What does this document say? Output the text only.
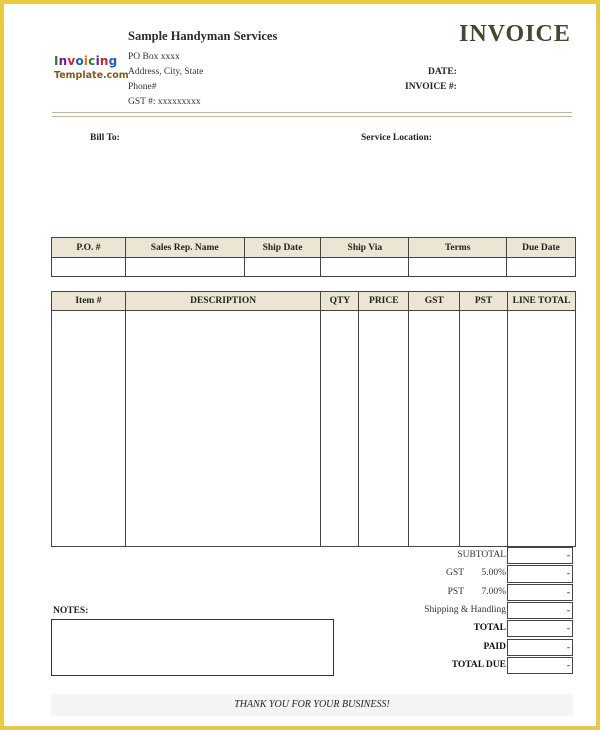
Sample Handyman Services	INVOICE
Invoicing
Template.com
PO Box xxxx
Address, City, State
Phone#
GST #: xxxxxxxxx
DATE:
INVOICE #:
Bill To:	Service Location:
P.O. #	Sales Rep. Name	Ship Date	Ship Via	Terms	Due Date

Item #	DESCRIPTION	QTY	PRICE	GST	PST	LINE TOTAL

SUBTOTAL	-
GST 5.00%	-
PST 7.00%	-
Shipping & Handling	-
TOTAL	-
PAID	-
TOTAL DUE	-
NOTES:
THANK YOU FOR YOUR BUSINESS!
